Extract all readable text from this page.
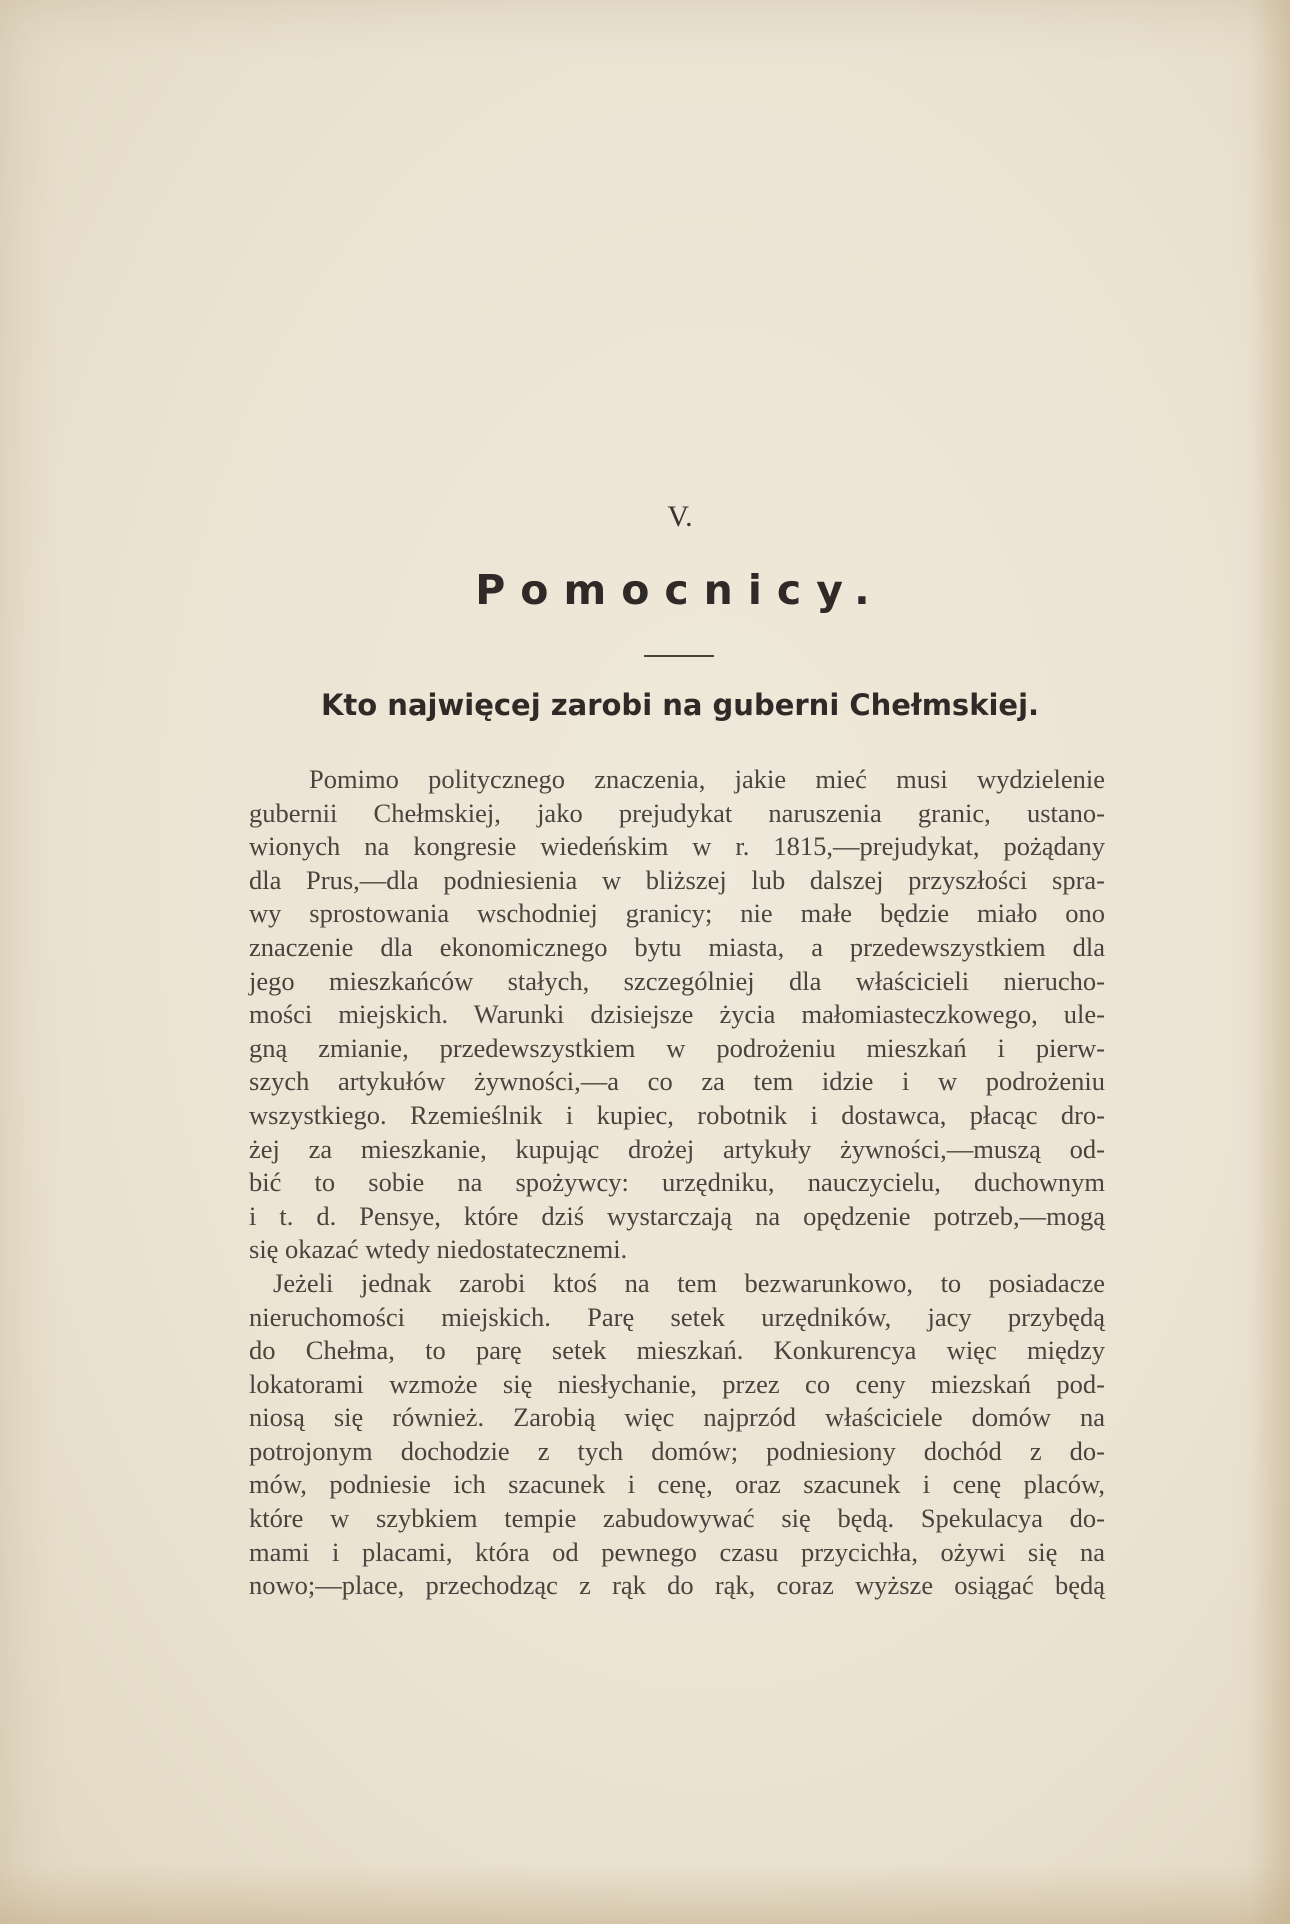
V.

Pomocnicy.
Kto najwięcej zarobi na guberni Chełmskiej.
Pomimo politycznego znaczenia, jakie mieć musi wydzielenie
gubernii Chełmskiej, jako prejudykat naruszenia granic, ustano-
wionych na kongresie wiedeńskim w r. 1815,—prejudykat, pożądany
dla Prus,—dla podniesienia w bliższej lub dalszej przyszłości spra-
wy sprostowania wschodniej granicy; nie małe będzie miało ono
znaczenie dla ekonomicznego bytu miasta, a przedewszystkiem dla
jego mieszkańców stałych, szczególniej dla właścicieli nierucho-
mości miejskich. Warunki dzisiejsze życia małomiasteczkowego, ule-
gną zmianie, przedewszystkiem w podrożeniu mieszkań i pierw-
szych artykułów żywności,—a co za tem idzie i w podrożeniu
wszystkiego. Rzemieślnik i kupiec, robotnik i dostawca, płacąc dro-
żej za mieszkanie, kupując drożej artykuły żywności,—muszą od-
bić to sobie na spożywcy: urzędniku, nauczycielu, duchownym
i t. d. Pensye, które dziś wystarczają na opędzenie potrzeb,—mogą
się okazać wtedy niedostatecznemi.
Jeżeli jednak zarobi ktoś na tem bezwarunkowo, to posiadacze
nieruchomości miejskich. Parę setek urzędników, jacy przybędą
do Chełma, to parę setek mieszkań. Konkurencya więc między
lokatorami wzmoże się niesłychanie, przez co ceny miezskań pod-
niosą się również. Zarobią więc najprzód właściciele domów na
potrojonym dochodzie z tych domów; podniesiony dochód z do-
mów, podniesie ich szacunek i cenę, oraz szacunek i cenę placów,
które w szybkiem tempie zabudowywać się będą. Spekulacya do-
mami i placami, która od pewnego czasu przycichła, ożywi się na
nowo;—place, przechodząc z rąk do rąk, coraz wyższe osiągać będą
